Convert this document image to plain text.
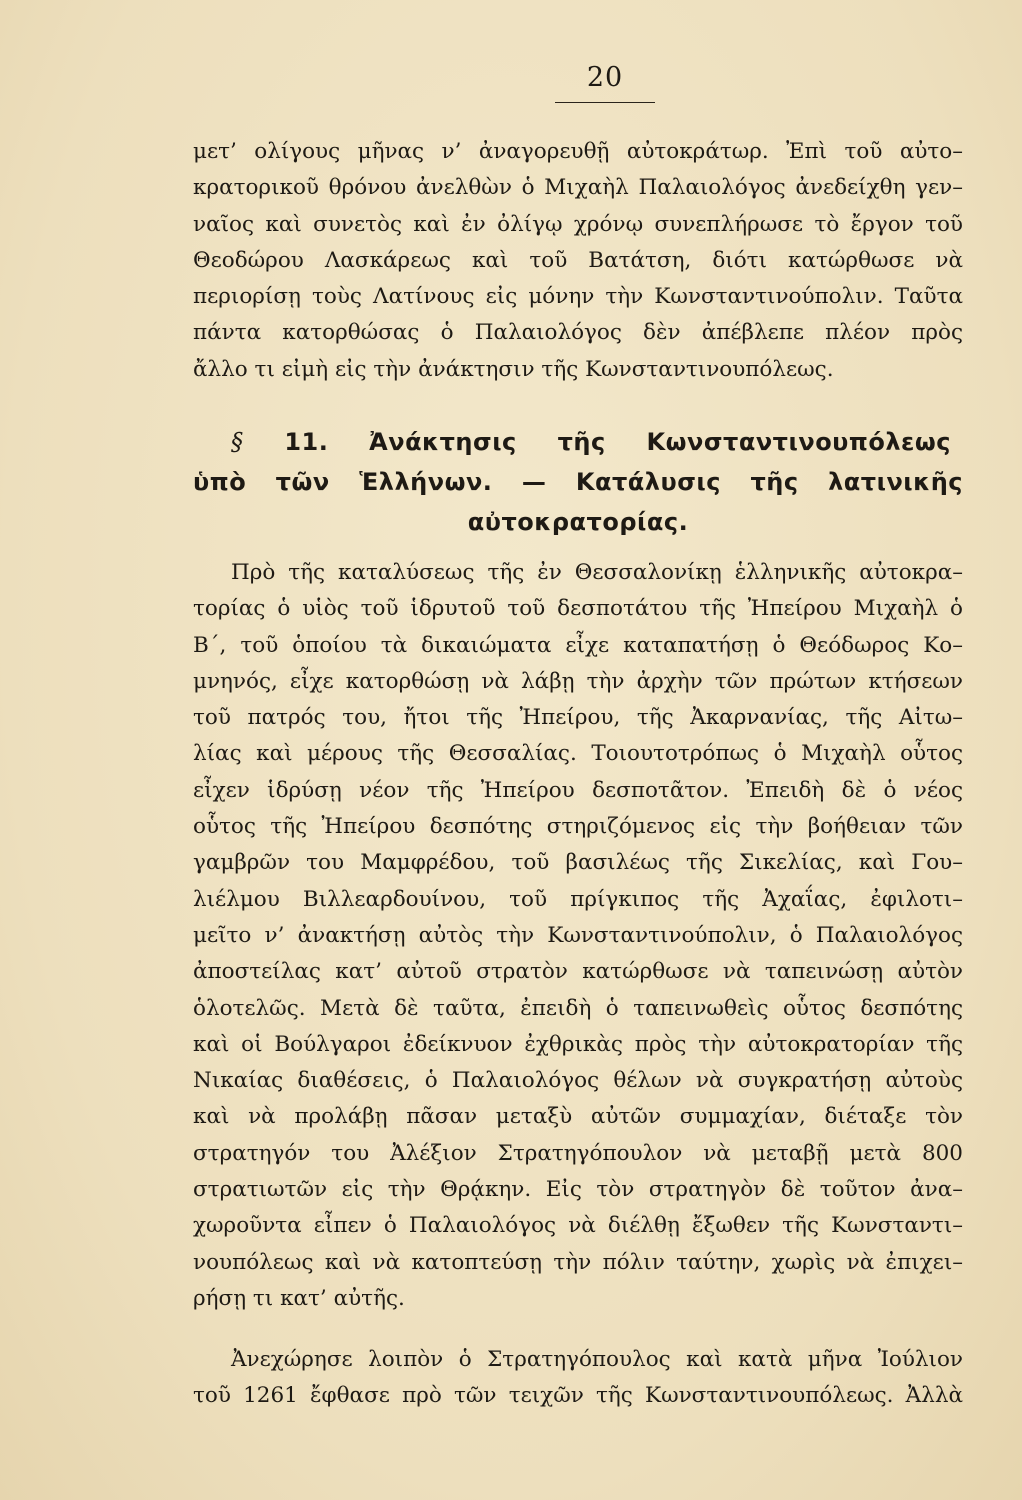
20
μετ’ ολίγους μῆνας ν’ ἀναγορευθῇ αὐτοκράτωρ. Ἐπὶ τοῦ αὐτο–
κρατορικοῦ θρόνου ἀνελθὼν ὁ Μιχαὴλ Παλαιολόγος ἀνεδείχθη γεν–
ναῖος καὶ συνετὸς καὶ ἐν ὀλίγῳ χρόνῳ συνεπλήρωσε τὸ ἔργον τοῦ
Θεοδώρου Λασκάρεως καὶ τοῦ Βατάτση, διότι κατώρθωσε νὰ
περιορίσῃ τοὺς Λατίνους εἰς μόνην τὴν Κωνσταντινούπολιν. Ταῦτα
πάντα κατορθώσας ὁ Παλαιολόγος δὲν ἀπέβλεπε πλέον πρὸς
ἄλλο τι εἰμὴ εἰς τὴν ἀνάκτησιν τῆς Κωνσταντινουπόλεως.
§ 11. Ἀνάκτησις τῆς Κωνσταντινουπόλεως
ὑπὸ τῶν Ἑλλήνων. — Κατάλυσις τῆς λατινικῆς
αὐτοκρατορίας.
Πρὸ τῆς καταλύσεως τῆς ἐν Θεσσαλονίκῃ ἑλληνικῆς αὐτοκρα–
τορίας ὁ υἱὸς τοῦ ἱδρυτοῦ τοῦ δεσποτάτου τῆς Ἠπείρου Μιχαὴλ ὁ
Β΄, τοῦ ὁποίου τὰ δικαιώματα εἶχε καταπατήσῃ ὁ Θεόδωρος Κο–
μνηνός, εἶχε κατορθώσῃ νὰ λάβῃ τὴν ἀρχὴν τῶν πρώτων κτήσεων
τοῦ πατρός του, ἤτοι τῆς Ἠπείρου, τῆς Ἀκαρνανίας, τῆς Αἰτω–
λίας καὶ μέρους τῆς Θεσσαλίας. Τοιουτοτρόπως ὁ Μιχαὴλ οὗτος
εἶχεν ἱδρύσῃ νέον τῆς Ἠπείρου δεσποτᾶτον. Ἐπειδὴ δὲ ὁ νέος
οὗτος τῆς Ἠπείρου δεσπότης στηριζόμενος εἰς τὴν βοήθειαν τῶν
γαμβρῶν του Μαμφρέδου, τοῦ βασιλέως τῆς Σικελίας, καὶ Γου–
λιέλμου Βιλλεαρδουίνου, τοῦ πρίγκιπος τῆς Ἀχαΐας, ἐφιλοτι–
μεῖτο ν’ ἀνακτήσῃ αὐτὸς τὴν Κωνσταντινούπολιν, ὁ Παλαιολόγος
ἀποστείλας κατ’ αὐτοῦ στρατὸν κατώρθωσε νὰ ταπεινώσῃ αὐτὸν
ὁλοτελῶς. Μετὰ δὲ ταῦτα, ἐπειδὴ ὁ ταπεινωθεὶς οὗτος δεσπότης
καὶ οἱ Βούλγαροι ἐδείκνυον ἐχθρικὰς πρὸς τὴν αὐτοκρατορίαν τῆς
Νικαίας διαθέσεις, ὁ Παλαιολόγος θέλων νὰ συγκρατήσῃ αὐτοὺς
καὶ νὰ προλάβῃ πᾶσαν μεταξὺ αὐτῶν συμμαχίαν, διέταξε τὸν
στρατηγόν του Ἀλέξιον Στρατηγόπουλον νὰ μεταβῇ μετὰ 800
στρατιωτῶν εἰς τὴν Θρᾴκην. Εἰς τὸν στρατηγὸν δὲ τοῦτον ἀνα–
χωροῦντα εἶπεν ὁ Παλαιολόγος νὰ διέλθῃ ἔξωθεν τῆς Κωνσταντι–
νουπόλεως καὶ νὰ κατοπτεύσῃ τὴν πόλιν ταύτην, χωρὶς νὰ ἐπιχει–
ρήσῃ τι κατ’ αὐτῆς.
Ἀνεχώρησε λοιπὸν ὁ Στρατηγόπουλος καὶ κατὰ μῆνα Ἰούλιον
τοῦ 1261 ἔφθασε πρὸ τῶν τειχῶν τῆς Κωνσταντινουπόλεως. Ἀλλὰ
